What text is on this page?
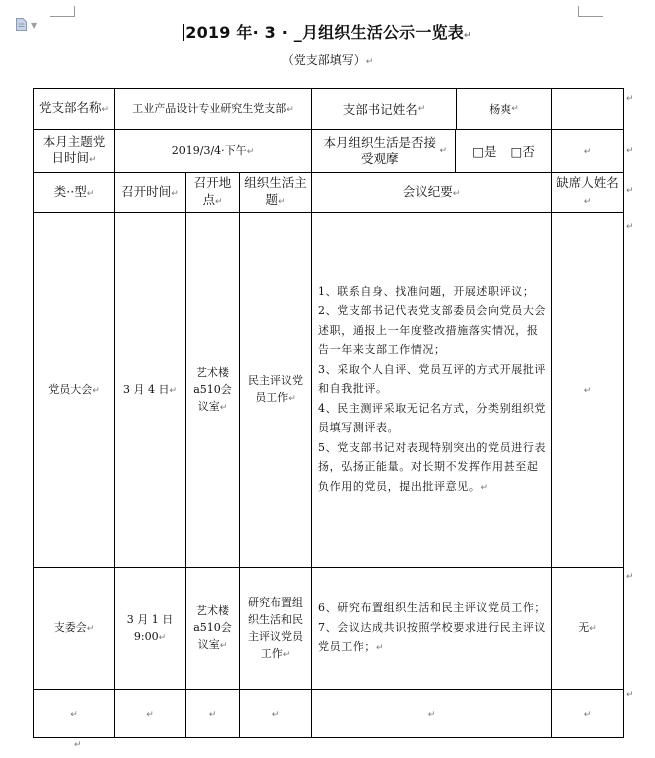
▼	2019 年· 3 · _月组织生活公示一览表↵
（党支部填写）↵
党支部名称↵	工业产品设计专业研究生党支部↵			支部书记姓名 ↵ 杨爽 ↵	

本月主题党日时间↵	2019/3/4·下午↵			本月组织生活是否接受观摩 ↵ □是 □否	↵
类··型↵	召开时间↵	召开地点↵	组织生活主题↵	会议纪要↵	缺席人姓名↵
党员大会↵	3 月 4 日↵	艺术楼a510会议室↵	民主评议党员工作↵	1、联系自身、找准问题，开展述职评议；
2、党支部书记代表党支部委员会向党员大会述职，通报上一年度整改措施落实情况，报告一年来支部工作情况；
3、采取个人自评、党员互评的方式开展批评和自我批评。
4、民主测评采取无记名方式，分类别组织党员填写测评表。
5、党支部书记对表现特别突出的党员进行表扬，弘扬正能量。对长期不发挥作用甚至起负作用的党员，提出批评意见。↵	↵
支委会↵	3 月 1 日 9:00↵	艺术楼a510会议室↵	研究布置组织生活和民主评议党员工作↵	6、研究布置组织生活和民主评议党员工作；
7、会议达成共识按照学校要求进行民主评议党员工作；↵	无↵
↵	↵	↵	↵	↵	↵
↵
↵
↵
↵
↵
↵
↵
